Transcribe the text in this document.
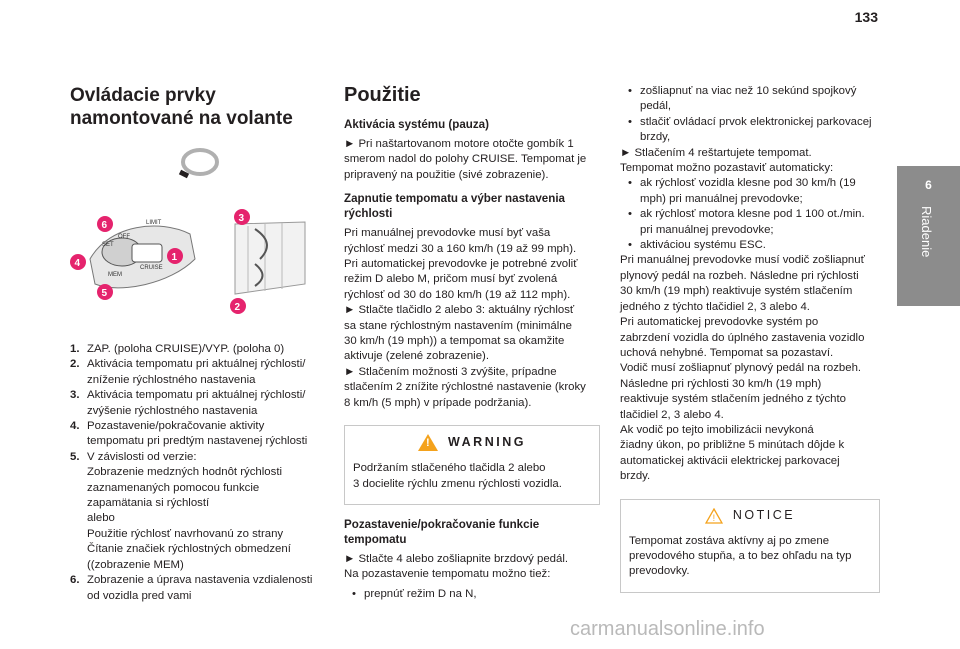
133
6
Riadenie
Ovládacie prvky
namontované na volante
CRUISE
MEM
LIMIT
OFF
SET
1
2
3
4
5
6
1. ZAP. (poloha CRUISE)/VYP. (poloha 0)
2. Aktivácia tempomatu pri aktuálnej rýchlosti/
zníženie rýchlostného nastavenia
3. Aktivácia tempomatu pri aktuálnej rýchlosti/
zvýšenie rýchlostného nastavenia
4. Pozastavenie/pokračovanie aktivity
tempomatu pri predtým nastavenej rýchlosti
5. V závislosti od verzie:
Zobrazenie medzných hodnôt rýchlosti
zaznamenaných pomocou funkcie
zapamätania si rýchlostí
alebo
Použitie rýchlosť navrhovanú zo strany
Čítanie značiek rýchlostných obmedzení
((zobrazenie MEM)
6. Zobrazenie a úprava nastavenia vzdialenosti
od vozidla pred vami
Použitie
Aktivácia systému (pauza)

► Pri naštartovanom motore otočte gombík 1
smerom nadol do polohy CRUISE. Tempomat je
pripravený na použitie (sivé zobrazenie).

Zapnutie tempomatu a výber nastavenia rýchlosti

Pri manuálnej prevodovke musí byť vaša
rýchlosť medzi 30 a 160 km/h (19 až 99 mph).
Pri automatickej prevodovke je potrebné zvoliť
režim D alebo M, pričom musí byť zvolená
rýchlosť od 30 do 180 km/h (19 až 112 mph).
► Stlačte tlačidlo 2 alebo 3: aktuálny rýchlosť
sa stane rýchlostným nastavením (minimálne
30 km/h (19 mph)) a tempomat sa okamžite
aktivuje (zelené zobrazenie).
► Stlačením možnosti 3 zvýšite, prípadne
stlačením 2 znížite rýchlostné nastavenie (kroky
8 km/h (5 mph) v prípade podržania).

!
WARNING

Podržaním stlačeného tlačidla 2 alebo
3 docielite rýchlu zmenu rýchlosti vozidla.

Pozastavenie/pokračovanie funkcie tempomatu

► Stlačte 4 alebo zošliapnite brzdový pedál.
Na pozastavenie tempomatu možno tiež:

• prepnúť režim D na N,
• zošliapnuť na viac než 10 sekúnd spojkový pedál,
• stlačiť ovládací prvok elektronickej parkovacej brzdy,

► Stlačením 4 reštartujete tempomat.

Tempomat možno pozastaviť automaticky:

• ak rýchlosť vozidla klesne pod 30 km/h (19 mph) pri manuálnej prevodovke;
• ak rýchlosť motora klesne pod 1 100 ot./min. pri manuálnej prevodovke;
• aktiváciou systému ESC.

Pri manuálnej prevodovke musí vodič zošliapnuť
plynový pedál na rozbeh. Následne pri rýchlosti
30 km/h (19 mph) reaktivuje systém stlačením
jedného z týchto tlačidiel 2, 3 alebo 4.
Pri automatickej prevodovke systém po
zabrzdení vozidla do úplného zastavenia vozidlo
uchová nehybné. Tempomat sa pozastaví.
Vodič musí zošliapnuť plynový pedál na rozbeh.
Následne pri rýchlosti 30 km/h (19 mph)
reaktivuje systém stlačením jedného z týchto
tlačidiel 2, 3 alebo 4.
Ak vodič po tejto imobilizácii nevykoná
žiadny úkon, po približne 5 minútach dôjde k
automatickej aktivácii elektrickej parkovacej
brzdy.

! NOTICE

Tempomat zostáva aktívny aj po zmene
prevodového stupňa, a to bez ohľadu na typ
prevodovky.

carmanualsonline.info
